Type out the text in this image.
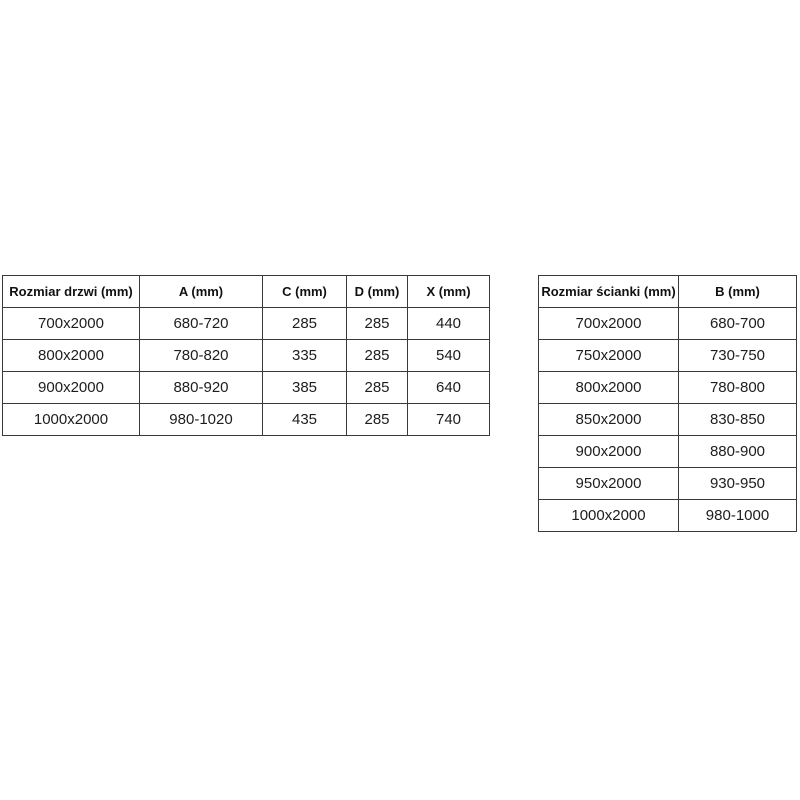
Rozmiar drzwi (mm)	A (mm)	C (mm)	D (mm)	X (mm)
700x2000	680-720	285	285	440
800x2000	780-820	335	285	540
900x2000	880-920	385	285	640
1000x2000	980-1020	435	285	740
Rozmiar ścianki (mm)	B (mm)
700x2000	680-700
750x2000	730-750
800x2000	780-800
850x2000	830-850
900x2000	880-900
950x2000	930-950
1000x2000	980-1000
